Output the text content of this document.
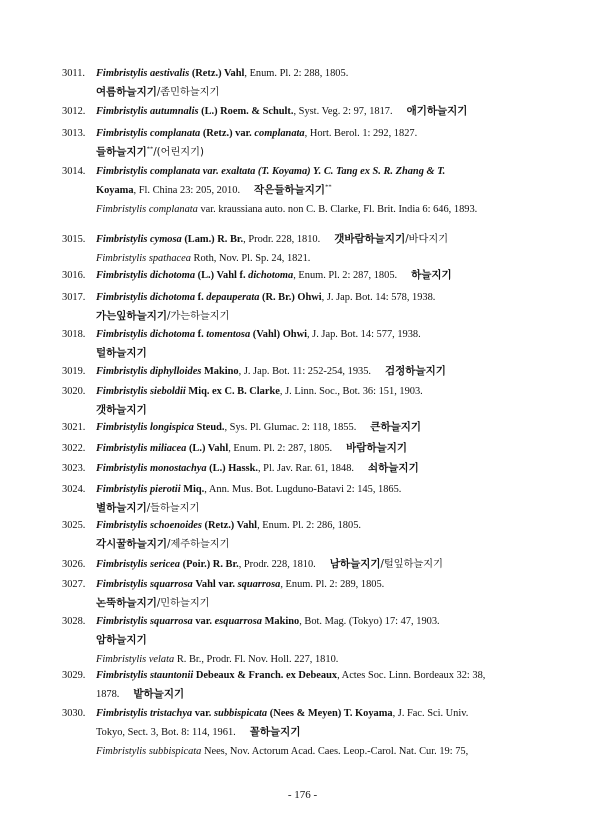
3011.	Fimbristylis aestivalis (Retz.) Vahl, Enum. Pl. 2: 288, 1805.
여름하늘지기/좀민하늘지기
3012.	Fimbristylis autumnalis (L.) Roem. & Schult., Syst. Veg. 2: 97, 1817. 애기하늘지기
3013.	Fimbristylis complanata (Retz.) var. complanata, Hort. Berol. 1: 292, 1827.
들하늘지기**/(어린지기)
3014.	Fimbristylis complanata var. exaltata (T. Koyama) Y. C. Tang ex S. R. Zhang & T.
Koyama, Fl. China 23: 205, 2010. 작은들하늘지기**
Fimbristylis complanata var. kraussiana auto. non C. B. Clarke, Fl. Brit. India 6: 646, 1893.
3015.	Fimbristylis cymosa (Lam.) R. Br., Prodr. 228, 1810. 갯바람하늘지기/바다지기
Fimbristylis spathacea Roth, Nov. Pl. Sp. 24, 1821.
3016.	Fimbristylis dichotoma (L.) Vahl f. dichotoma, Enum. Pl. 2: 287, 1805. 하늘지기
3017.	Fimbristylis dichotoma f. depauperata (R. Br.) Ohwi, J. Jap. Bot. 14: 578, 1938.
가는잎하늘지기/가는하늘지기
3018.	Fimbristylis dichotoma f. tomentosa (Vahl) Ohwi, J. Jap. Bot. 14: 577, 1938.
털하늘지기
3019.	Fimbristylis diphylloides Makino, J. Jap. Bot. 11: 252-254, 1935. 검정하늘지기
3020.	Fimbristylis sieboldii Miq. ex C. B. Clarke, J. Linn. Soc., Bot. 36: 151, 1903.
갯하늘지기
3021.	Fimbristylis longispica Steud., Sys. Pl. Glumac. 2: 118, 1855. 큰하늘지기
3022.	Fimbristylis miliacea (L.) Vahl, Enum. Pl. 2: 287, 1805. 바람하늘지기
3023.	Fimbristylis monostachya (L.) Hassk., Pl. Jav. Rar. 61, 1848. 쇠하늘지기
3024.	Fimbristylis pierotii Miq., Ann. Mus. Bot. Lugduno-Batavi 2: 145, 1865.
별하늘지기/들하늘지기
3025.	Fimbristylis schoenoides (Retz.) Vahl, Enum. Pl. 2: 286, 1805.
각시꿀하늘지기/제주하늘지기
3026.	Fimbristylis sericea (Poir.) R. Br., Prodr. 228, 1810. 남하늘지기/털잎하늘지기
3027.	Fimbristylis squarrosa Vahl var. squarrosa, Enum. Pl. 2: 289, 1805.
논뚝하늘지기/민하늘지기
3028.	Fimbristylis squarrosa var. esquarrosa Makino, Bot. Mag. (Tokyo) 17: 47, 1903.
암하늘지기
Fimbristylis velata R. Br., Prodr. Fl. Nov. Holl. 227, 1810.
3029.	Fimbristylis stauntonii Debeaux & Franch. ex Debeaux, Actes Soc. Linn. Bordeaux 32: 38,
1878. 밭하늘지기
3030.	Fimbristylis tristachya var. subbispicata (Nees & Meyen) T. Koyama, J. Fac. Sci. Univ.
Tokyo, Sect. 3, Bot. 8: 114, 1961. 꼴하늘지기
Fimbristylis subbispicata Nees, Nov. Actorum Acad. Caes. Leop.-Carol. Nat. Cur. 19: 75,
- 176 -
